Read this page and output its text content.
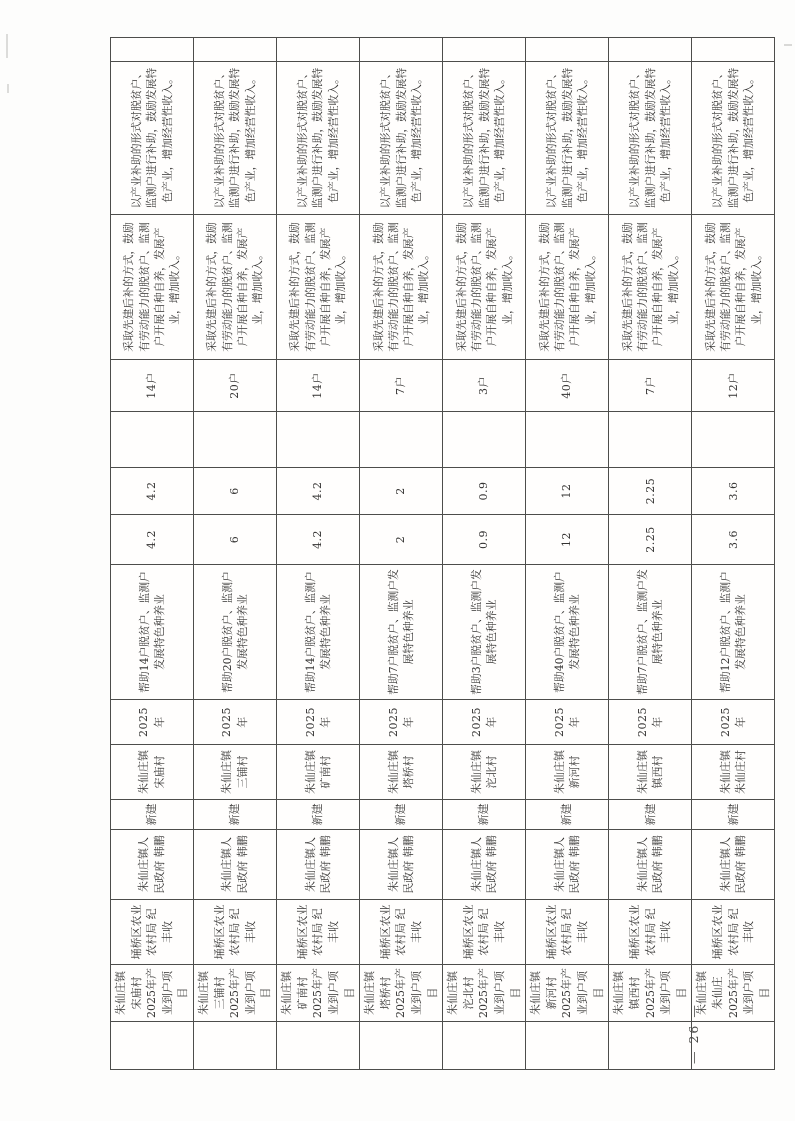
	朱仙庄镇宋庙村2025年产业到户项目	埇桥区农业农村局 纪丰收	朱仙庄镇人民政府 韩鹏	新建	朱仙庄镇宋庙村	2025年	帮助14户脱贫户、监测户发展特色种养业	4.2	4.2		14户	采取先建后补的方式，鼓励有劳动能力的脱贫户、监测户开展自种自养，发展产业，增加收入。	以产业补助的形式对脱贫户、监测户进行补助，鼓励发展特色产业，增加经营性收入。	
	朱仙庄镇三铺村2025年产业到户项目	埇桥区农业农村局 纪丰收	朱仙庄镇人民政府 韩鹏	新建	朱仙庄镇三铺村	2025年	帮助20户脱贫户、监测户发展特色种养业	6	6		20户	采取先建后补的方式，鼓励有劳动能力的脱贫户、监测户开展自种自养，发展产业，增加收入。	以产业补助的形式对脱贫户、监测户进行补助，鼓励发展特色产业，增加经营性收入。	
	朱仙庄镇矿南村2025年产业到户项目	埇桥区农业农村局 纪丰收	朱仙庄镇人民政府 韩鹏	新建	朱仙庄镇矿南村	2025年	帮助14户脱贫户、监测户发展特色种养业	4.2	4.2		14户	采取先建后补的方式，鼓励有劳动能力的脱贫户、监测户开展自种自养，发展产业，增加收入。	以产业补助的形式对脱贫户、监测户进行补助，鼓励发展特色产业，增加经营性收入。	
	朱仙庄镇塔桥村2025年产业到户项目	埇桥区农业农村局 纪丰收	朱仙庄镇人民政府 韩鹏	新建	朱仙庄镇塔桥村	2025年	帮助7户脱贫户、监测户发展特色种养业	2	2		7户	采取先建后补的方式，鼓励有劳动能力的脱贫户、监测户开展自种自养，发展产业，增加收入。	以产业补助的形式对脱贫户、监测户进行补助，鼓励发展特色产业，增加经营性收入。	
	朱仙庄镇沱北村2025年产业到户项目	埇桥区农业农村局 纪丰收	朱仙庄镇人民政府 韩鹏	新建	朱仙庄镇沱北村	2025年	帮助3户脱贫户、监测户发展特色种养业	0.9	0.9		3户	采取先建后补的方式，鼓励有劳动能力的脱贫户、监测户开展自种自养，发展产业，增加收入。	以产业补助的形式对脱贫户、监测户进行补助，鼓励发展特色产业，增加经营性收入。	
	朱仙庄镇新河村2025年产业到户项目	埇桥区农业农村局 纪丰收	朱仙庄镇人民政府 韩鹏	新建	朱仙庄镇新河村	2025年	帮助40户脱贫户、监测户发展特色种养业	12	12		40户	采取先建后补的方式，鼓励有劳动能力的脱贫户、监测户开展自种自养，发展产业，增加收入。	以产业补助的形式对脱贫户、监测户进行补助，鼓励发展特色产业，增加经营性收入。	
	朱仙庄镇镇西村2025年产业到户项目	埇桥区农业农村局 纪丰收	朱仙庄镇人民政府 韩鹏	新建	朱仙庄镇镇西村	2025年	帮助7户脱贫户、监测户发展特色种养业	2.25	2.25		7户	采取先建后补的方式，鼓励有劳动能力的脱贫户、监测户开展自种自养，发展产业，增加收入。	以产业补助的形式对脱贫户、监测户进行补助，鼓励发展特色产业，增加经营性收入。	
	朱仙庄镇朱仙庄2025年产业到户项目	埇桥区农业农村局 纪丰收	朱仙庄镇人民政府 韩鹏	新建	朱仙庄镇朱仙庄村	2025年	帮助12户脱贫户、监测户发展特色种养业	3.6	3.6		12户	采取先建后补的方式，鼓励有劳动能力的脱贫户、监测户开展自种自养，发展产业，增加收入。	以产业补助的形式对脱贫户、监测户进行补助，鼓励发展特色产业，增加经营性收入。	
— 26 —
